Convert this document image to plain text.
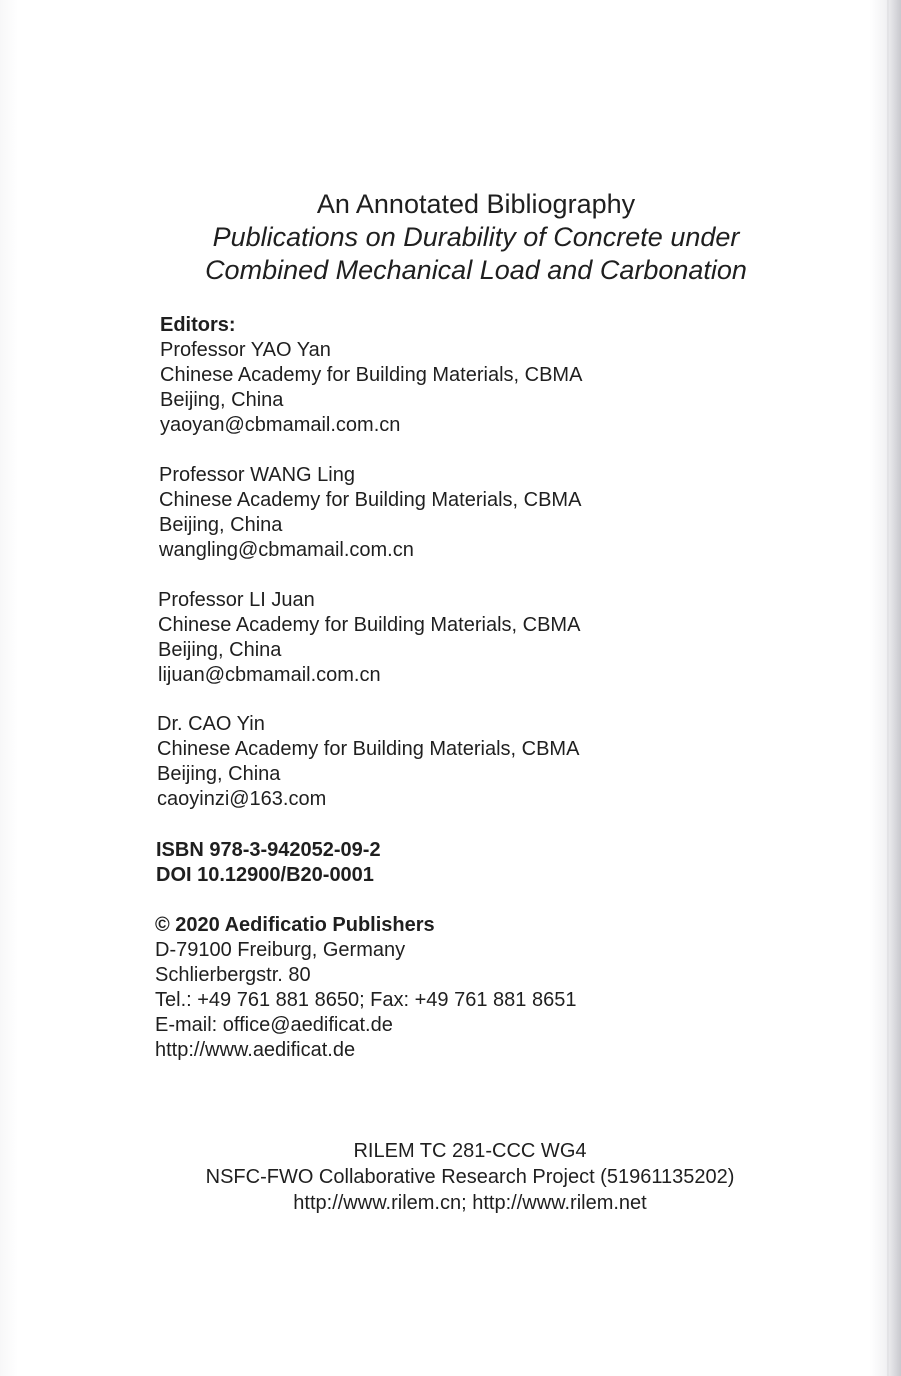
An Annotated Bibliography
Publications on Durability of Concrete under
Combined Mechanical Load and Carbonation
Editors:
Professor YAO Yan
Chinese Academy for Building Materials, CBMA
Beijing, China
yaoyan@cbmamail.com.cn
Professor WANG Ling
Chinese Academy for Building Materials, CBMA
Beijing, China
wangling@cbmamail.com.cn
Professor LI Juan
Chinese Academy for Building Materials, CBMA
Beijing, China
lijuan@cbmamail.com.cn
Dr. CAO Yin
Chinese Academy for Building Materials, CBMA
Beijing, China
caoyinzi@163.com
ISBN 978-3-942052-09-2
DOI 10.12900/B20-0001
© 2020 Aedificatio Publishers
D-79100 Freiburg, Germany
Schlierbergstr. 80
Tel.: +49 761 881 8650; Fax: +49 761 881 8651
E-mail: office@aedificat.de
http://www.aedificat.de
RILEM TC 281-CCC WG4
NSFC-FWO Collaborative Research Project (51961135202)
http://www.rilem.cn; http://www.rilem.net
